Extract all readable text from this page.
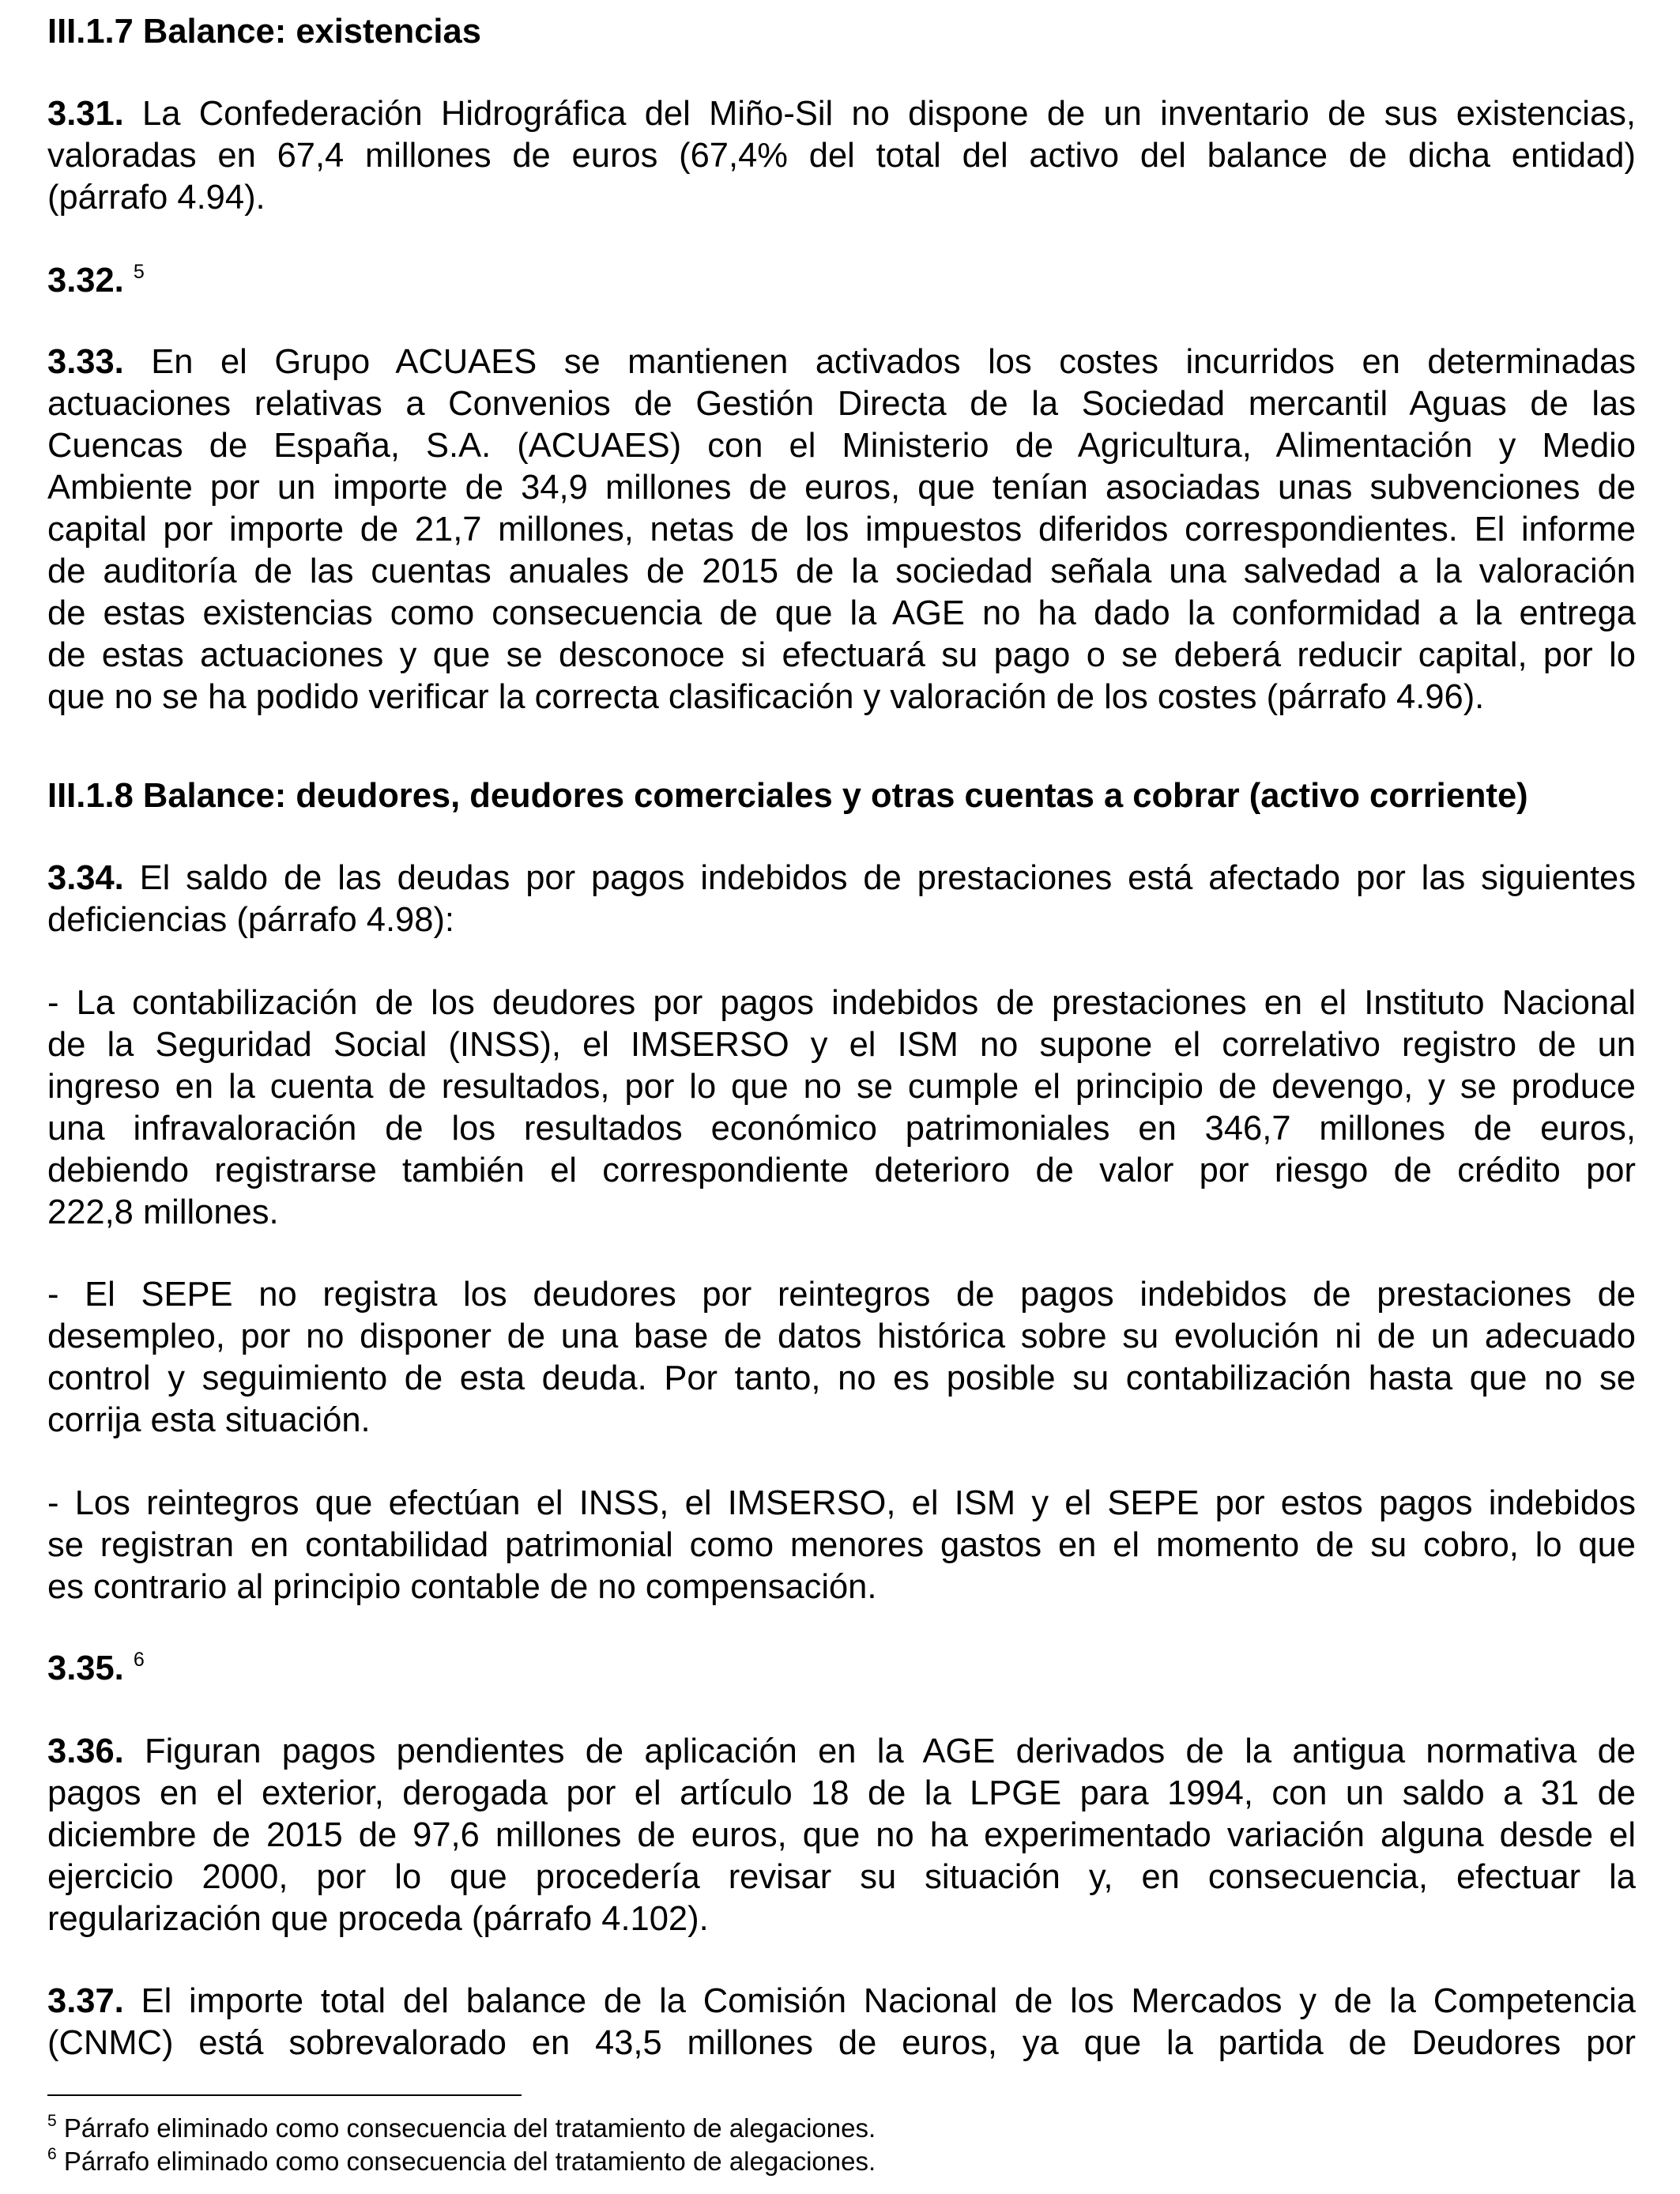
III.1.7 Balance: existencias
3.31. La Confederación Hidrográfica del Miño-Sil no dispone de un inventario de sus existencias,
valoradas en 67,4 millones de euros (67,4% del total del activo del balance de dicha entidad)
(párrafo 4.94).
3.32. $^5$
3.33. En el Grupo ACUAES se mantienen activados los costes incurridos en determinadas
actuaciones relativas a Convenios de Gestión Directa de la Sociedad mercantil Aguas de las
Cuencas de España, S.A. (ACUAES) con el Ministerio de Agricultura, Alimentación y Medio
Ambiente por un importe de 34,9 millones de euros, que tenían asociadas unas subvenciones de
capital por importe de 21,7 millones, netas de los impuestos diferidos correspondientes. El informe
de auditoría de las cuentas anuales de 2015 de la sociedad señala una salvedad a la valoración
de estas existencias como consecuencia de que la AGE no ha dado la conformidad a la entrega
de estas actuaciones y que se desconoce si efectuará su pago o se deberá reducir capital, por lo
que no se ha podido verificar la correcta clasificación y valoración de los costes (párrafo 4.96).
III.1.8 Balance: deudores, deudores comerciales y otras cuentas a cobrar (activo corriente)
3.34. El saldo de las deudas por pagos indebidos de prestaciones está afectado por las siguientes
deficiencias (párrafo 4.98):
- La contabilización de los deudores por pagos indebidos de prestaciones en el Instituto Nacional
de la Seguridad Social (INSS), el IMSERSO y el ISM no supone el correlativo registro de un
ingreso en la cuenta de resultados, por lo que no se cumple el principio de devengo, y se produce
una infravaloración de los resultados económico patrimoniales en 346,7 millones de euros,
debiendo registrarse también el correspondiente deterioro de valor por riesgo de crédito por
222,8 millones.
- El SEPE no registra los deudores por reintegros de pagos indebidos de prestaciones de
desempleo, por no disponer de una base de datos histórica sobre su evolución ni de un adecuado
control y seguimiento de esta deuda. Por tanto, no es posible su contabilización hasta que no se
corrija esta situación.
- Los reintegros que efectúan el INSS, el IMSERSO, el ISM y el SEPE por estos pagos indebidos
se registran en contabilidad patrimonial como menores gastos en el momento de su cobro, lo que
es contrario al principio contable de no compensación.
3.35. $^6$
3.36. Figuran pagos pendientes de aplicación en la AGE derivados de la antigua normativa de
pagos en el exterior, derogada por el artículo 18 de la LPGE para 1994, con un saldo a 31 de
diciembre de 2015 de 97,6 millones de euros, que no ha experimentado variación alguna desde el
ejercicio 2000, por lo que procedería revisar su situación y, en consecuencia, efectuar la
regularización que proceda (párrafo 4.102).
3.37. El importe total del balance de la Comisión Nacional de los Mercados y de la Competencia
(CNMC) está sobrevalorado en 43,5 millones de euros, ya que la partida de Deudores por
$^5$ Párrafo eliminado como consecuencia del tratamiento de alegaciones.
$^6$ Párrafo eliminado como consecuencia del tratamiento de alegaciones.
